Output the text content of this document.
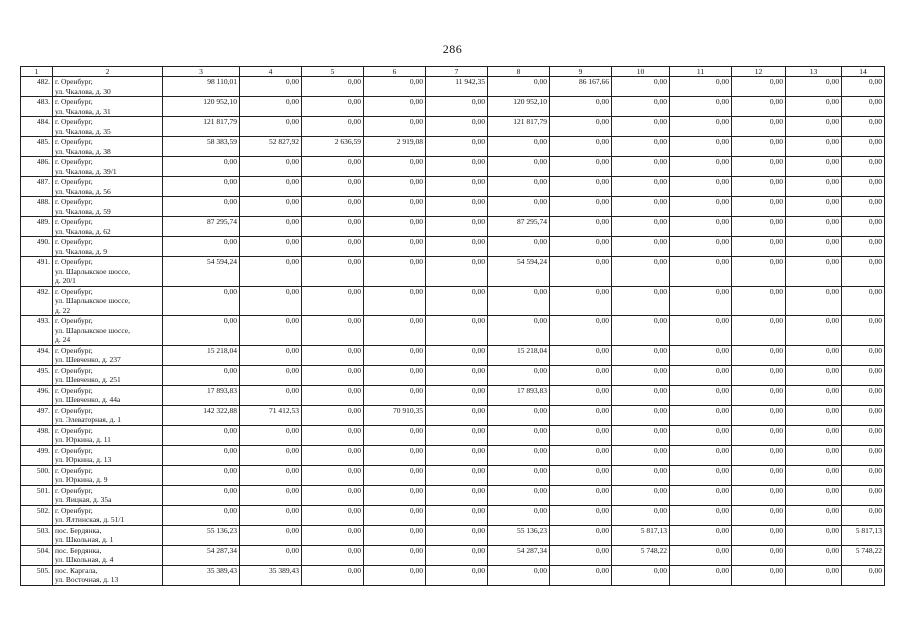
286
1	2	3	4	5	6	7	8	9	10	11	12	13	14
482.	г. Оренбург,
ул. Чкалова, д. 30	98 110,01	0,00	0,00	0,00	11 942,35	0,00	86 167,66	0,00	0,00	0,00	0,00	0,00
483.	г. Оренбург,
ул. Чкалова, д. 31	120 952,10	0,00	0,00	0,00	0,00	120 952,10	0,00	0,00	0,00	0,00	0,00	0,00
484.	г. Оренбург,
ул. Чкалова, д. 35	121 817,79	0,00	0,00	0,00	0,00	121 817,79	0,00	0,00	0,00	0,00	0,00	0,00
485.	г. Оренбург,
ул. Чкалова, д. 38	58 383,59	52 827,92	2 636,59	2 919,08	0,00	0,00	0,00	0,00	0,00	0,00	0,00	0,00
486.	г. Оренбург,
ул. Чкалова, д. 39/1	0,00	0,00	0,00	0,00	0,00	0,00	0,00	0,00	0,00	0,00	0,00	0,00
487.	г. Оренбург,
ул. Чкалова, д. 56	0,00	0,00	0,00	0,00	0,00	0,00	0,00	0,00	0,00	0,00	0,00	0,00
488.	г. Оренбург,
ул. Чкалова, д. 59	0,00	0,00	0,00	0,00	0,00	0,00	0,00	0,00	0,00	0,00	0,00	0,00
489.	г. Оренбург,
ул. Чкалова, д. 62	87 295,74	0,00	0,00	0,00	0,00	87 295,74	0,00	0,00	0,00	0,00	0,00	0,00
490.	г. Оренбург,
ул. Чкалова, д. 9	0,00	0,00	0,00	0,00	0,00	0,00	0,00	0,00	0,00	0,00	0,00	0,00
491.	г. Оренбург,
ул. Шарлыкское шоссе,
д. 20/1	54 594,24	0,00	0,00	0,00	0,00	54 594,24	0,00	0,00	0,00	0,00	0,00	0,00
492.	г. Оренбург,
ул. Шарлыкское шоссе,
д. 22	0,00	0,00	0,00	0,00	0,00	0,00	0,00	0,00	0,00	0,00	0,00	0,00
493.	г. Оренбург,
ул. Шарлыкское шоссе,
д. 24	0,00	0,00	0,00	0,00	0,00	0,00	0,00	0,00	0,00	0,00	0,00	0,00
494.	г. Оренбург,
ул. Шевченко, д. 237	15 218,04	0,00	0,00	0,00	0,00	15 218,04	0,00	0,00	0,00	0,00	0,00	0,00
495.	г. Оренбург,
ул. Шевченко, д. 251	0,00	0,00	0,00	0,00	0,00	0,00	0,00	0,00	0,00	0,00	0,00	0,00
496.	г. Оренбург,
ул. Шевченко, д. 44а	17 893,83	0,00	0,00	0,00	0,00	17 893,83	0,00	0,00	0,00	0,00	0,00	0,00
497.	г. Оренбург,
ул. Элеваторная, д. 1	142 322,88	71 412,53	0,00	70 910,35	0,00	0,00	0,00	0,00	0,00	0,00	0,00	0,00
498.	г. Оренбург,
ул. Юркина, д. 11	0,00	0,00	0,00	0,00	0,00	0,00	0,00	0,00	0,00	0,00	0,00	0,00
499.	г. Оренбург,
ул. Юркина, д. 13	0,00	0,00	0,00	0,00	0,00	0,00	0,00	0,00	0,00	0,00	0,00	0,00
500.	г. Оренбург,
ул. Юркина, д. 9	0,00	0,00	0,00	0,00	0,00	0,00	0,00	0,00	0,00	0,00	0,00	0,00
501.	г. Оренбург,
ул. Яицкая, д. 35а	0,00	0,00	0,00	0,00	0,00	0,00	0,00	0,00	0,00	0,00	0,00	0,00
502.	г. Оренбург,
ул. Ялтинская, д. 51/1	0,00	0,00	0,00	0,00	0,00	0,00	0,00	0,00	0,00	0,00	0,00	0,00
503.	пос. Бердянка,
ул. Школьная, д. 1	55 136,23	0,00	0,00	0,00	0,00	55 136,23	0,00	5 817,13	0,00	0,00	0,00	5 817,13
504.	пос. Бердянка,
ул. Школьная, д. 4	54 287,34	0,00	0,00	0,00	0,00	54 287,34	0,00	5 748,22	0,00	0,00	0,00	5 748,22
505.	пос. Каргала,
ул. Восточная, д. 13	35 389,43	35 389,43	0,00	0,00	0,00	0,00	0,00	0,00	0,00	0,00	0,00	0,00
